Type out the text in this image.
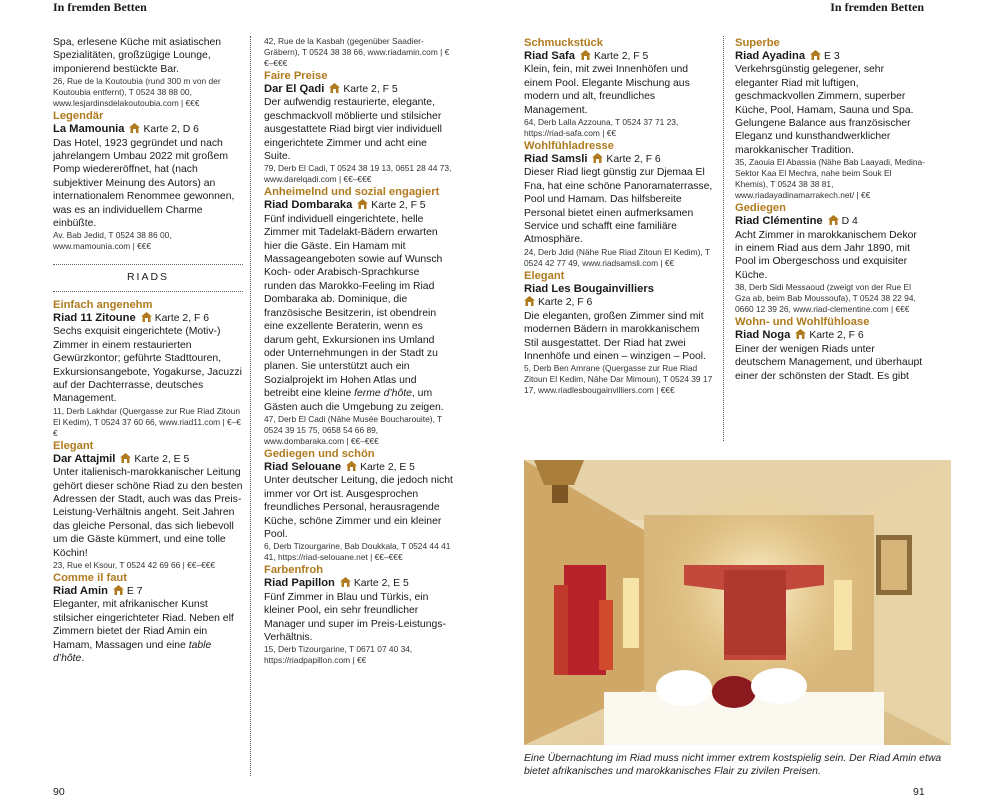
In fremden Betten	In fremden Betten

Spa, erlesene Küche mit asiatischen Spezialitäten, großzügige Lounge, imponierend bestückte Bar.

26, Rue de la Koutoubia (rund 300 m von der Koutoubia entfernt), T 0524 38 88 00, www.lesjardinsdelakoutoubia.com | €€€

Legendär

La Mamounia Karte 2, D 6

Das Hotel, 1923 gegründet und nach jahrelangem Umbau 2022 mit großem Pomp wiedereröffnet, hat (nach subjektiver Meinung des Autors) an internationalem Renommee gewonnen, was es an individuellem Charme einbüßte.

Av. Bab Jedid, T 0524 38 86 00, www.mamounia.com | €€€

RIADS

Einfach angenehm

Riad 11 Zitoune Karte 2, F 6

Sechs exquisit eingerichtete (Motiv-) Zimmer in einem restaurierten Gewürzkontor; geführte Stadttouren, Exkursionsangebote, Yogakurse, Jacuzzi auf der Dachterrasse, deutsches Management.

11, Derb Lakhdar (Quergasse zur Rue Riad Zitoun El Kedim), T 0524 37 60 66, www.riad11.com | €–€€

Elegant

Dar Attajmil Karte 2, E 5

Unter italienisch-marokkanischer Leitung gehört dieser schöne Riad zu den besten Adressen der Stadt, auch was das Preis-Leistung-Verhältnis angeht. Seit Jahren das gleiche Personal, das sich liebevoll um die Gäste kümmert, und eine tolle Köchin!

23, Rue el Ksour, T 0524 42 69 66 | €€–€€€

Comme il faut

Riad Amin E 7

Eleganter, mit afrikanischer Kunst stilsicher eingerichteter Riad. Neben elf Zimmern bietet der Riad Amin ein Hamam, Massagen und eine table d’hôte.

42, Rue de la Kasbah (gegenüber Saadier-Gräbern), T 0524 38 38 66, www.riadamin.com | €€–€€€

Faire Preise

Dar El Qadi Karte 2, F 5

Der aufwendig restaurierte, elegante, geschmackvoll möblierte und stilsicher ausgestattete Riad birgt vier individuell eingerichtete Zimmer und acht eine Suite.

79, Derb El Cadi, T 0524 38 19 13, 0651 28 44 73, www.darelqadi.com | €€–€€€

Anheimelnd und sozial engagiert

Riad Dombaraka Karte 2, F 5

Fünf individuell eingerichtete, helle Zimmer mit Tadelakt-Bädern erwarten hier die Gäste. Ein Hamam mit Massageangeboten sowie auf Wunsch Koch- oder Arabisch-Sprachkurse runden das Marokko-Feeling im Riad Dombaraka ab. Dominique, die französische Besitzerin, ist obendrein eine exzellente Beraterin, wenn es darum geht, Exkursionen ins Umland oder Unternehmungen in der Stadt zu planen. Sie unterstützt auch ein Sozialprojekt im Hohen Atlas und betreibt eine kleine ferme d’hôte, um Gästen auch die Umgebung zu zeigen.

47, Derb El Cadi (Nähe Musée Boucharouite), T 0524 39 15 75, 0658 54 66 89, www.dombaraka.com | €€–€€€

Gediegen und schön

Riad Selouane Karte 2, E 5

Unter deutscher Leitung, die jedoch nicht immer vor Ort ist. Ausgesprochen freundliches Personal, herausragende Küche, schöne Zimmer und ein kleiner Pool.

6, Derb Tizourgarine, Bab Doukkala, T 0524 44 41 41, https://riad-selouane.net | €€–€€€

Farbenfroh

Riad Papillon Karte 2, E 5

Fünf Zimmer in Blau und Türkis, ein kleiner Pool, ein sehr freundlicher Manager und super im Preis-Leistungs-Verhältnis.

15, Derb Tizourgarine, T 0671 07 40 34, https://riadpapillon.com | €€

Schmuckstück

Riad Safa Karte 2, F 5

Klein, fein, mit zwei Innenhöfen und einem Pool. Elegante Mischung aus modern und alt, freundliches Management.

64, Derb Lalla Azzouna, T 0524 37 71 23, https://riad-safa.com | €€

Wohlfühladresse

Riad Samsli Karte 2, F 6

Dieser Riad liegt günstig zur Djemaa El Fna, hat eine schöne Panoramaterrasse, Pool und Hamam. Das hilfsbereite Personal bietet einen aufmerksamen Service und schafft eine familiäre Atmosphäre.

24, Derb Jdid (Nähe Rue Riad Zitoun El Kedim), T 0524 42 77 49, www.riadsamsli.com | €€

Elegant

Riad Les Bougainvilliers

Karte 2, F 6

Die eleganten, großen Zimmer sind mit modernen Bädern in marokkanischem Stil ausgestattet. Der Riad hat zwei Innenhöfe und einen – winzigen – Pool.

5, Derb Ben Amrane (Quergasse zur Rue Riad Zitoun El Kedim, Nähe Dar Mimoun), T 0524 39 17 17, www.riadlesbougainvilliers.com | €€€

Superbe

Riad Ayadina E 3

Verkehrsgünstig gelegener, sehr eleganter Riad mit luftigen, geschmackvollen Zimmern, superber Küche, Pool, Hamam, Sauna und Spa. Gelungene Balance aus französischer Eleganz und kunsthandwerklicher marokkanischer Tradition.

35, Zaouia El Abassia (Nähe Bab Laayadi, Medina-Sektor Kaa El Mechra, nahe beim Souk El Khemis), T 0524 38 38 81, www.riadayadinamarrakech.net/ | €€

Gediegen

Riad Clémentine D 4

Acht Zimmer in marokkanischem Dekor in einem Riad aus dem Jahr 1890, mit Pool im Obergeschoss und exquisiter Küche.

38, Derb Sidi Messaoud (zweigt von der Rue El Gza ab, beim Bab Moussoufa), T 0524 38 22 94, 0660 12 39 26, www.riad-clementine.com | €€€

Wohn- und Wohlfühloase

Riad Noga Karte 2, F 6

Einer der wenigen Riads unter deutschem Management, und überhaupt einer der schönsten der Stadt. Es gibt

Eine Übernachtung im Riad muss nicht immer extrem kostspielig sein. Der Riad Amin etwa bietet afrikanisches und marokkanisches Flair zu zivilen Preisen.
90	91
